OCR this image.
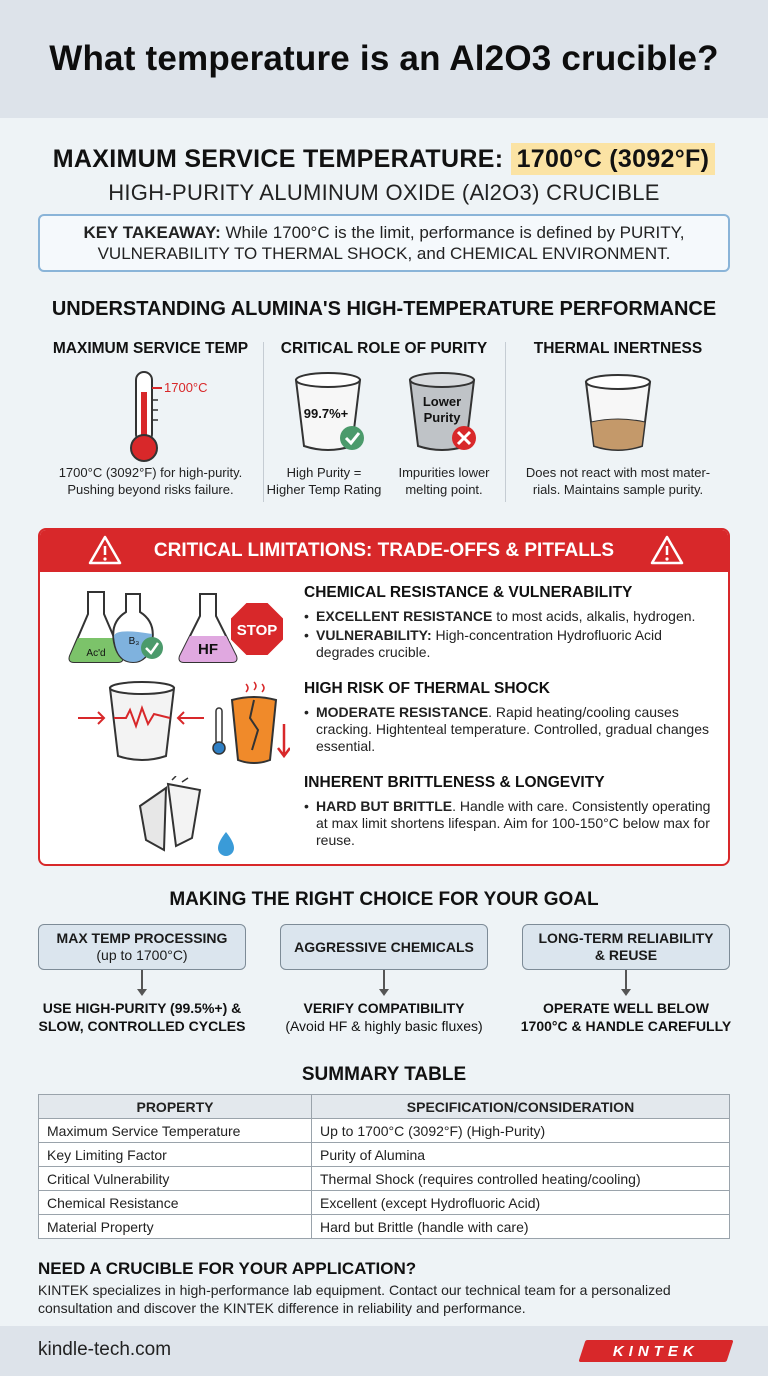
What temperature is an Al2O3 crucible?
MAXIMUM SERVICE TEMPERATURE: 1700°C (3092°F)
HIGH-PURITY ALUMINUM OXIDE (Al2O3) CRUCIBLE
KEY TAKEAWAY: While 1700°C is the limit, performance is defined by PURITY,
VULNERABILITY TO THERMAL SHOCK, and CHEMICAL ENVIRONMENT.
UNDERSTANDING ALUMINA'S HIGH-TEMPERATURE PERFORMANCE
MAXIMUM SERVICE TEMP
1700°C
1700°C (3092°F) for high-purity.
Pushing beyond risks failure.
CRITICAL ROLE OF PURITY
99.7%+
Lower
Purity
High Purity =
Higher Temp Rating
Impurities lower
melting point.
THERMAL INERTNESS
Does not react with most mater-
rials. Maintains sample purity.
CRITICAL LIMITATIONS: TRADE-OFFS & PITFALLS
Ac'd
B₃	HF
STOP
CHEMICAL RESISTANCE & VULNERABILITY
• EXCELLENT RESISTANCE to most acids, alkalis, hydrogen.
• VULNERABILITY: High-concentration Hydrofluoric Acid degrades crucible.
HIGH RISK OF THERMAL SHOCK
• MODERATE RESISTANCE. Rapid heating/cooling causes cracking. Hightenteal temperature. Controlled, gradual changes essential.
INHERENT BRITTLENESS & LONGEVITY
• HARD BUT BRITTLE. Handle with care. Consistently operating at max limit shortens lifespan. Aim for 100-150°C below max for reuse.
MAKING THE RIGHT CHOICE FOR YOUR GOAL
MAX TEMP PROCESSING
(up to 1700°C)
AGGRESSIVE CHEMICALS
LONG-TERM RELIABILITY
& REUSE
USE HIGH-PURITY (99.5%+) &
SLOW, CONTROLLED CYCLES
VERIFY COMPATIBILITY
(Avoid HF & highly basic fluxes)
OPERATE WELL BELOW
1700°C & HANDLE CAREFULLY
SUMMARY TABLE
PROPERTY	SPECIFICATION/CONSIDERATION
Maximum Service Temperature	Up to 1700°C (3092°F) (High-Purity)
Key Limiting Factor	Purity of Alumina
Critical Vulnerability	Thermal Shock (requires controlled heating/cooling)
Chemical Resistance	Excellent (except Hydrofluoric Acid)
Material Property	Hard but Brittle (handle with care)
NEED A CRUCIBLE FOR YOUR APPLICATION?
KINTEK specializes in high-performance lab equipment. Contact our technical team for a personalized consultation and discover the KINTEK difference in reliability and performance.
kindle-tech.com	KINTEK
